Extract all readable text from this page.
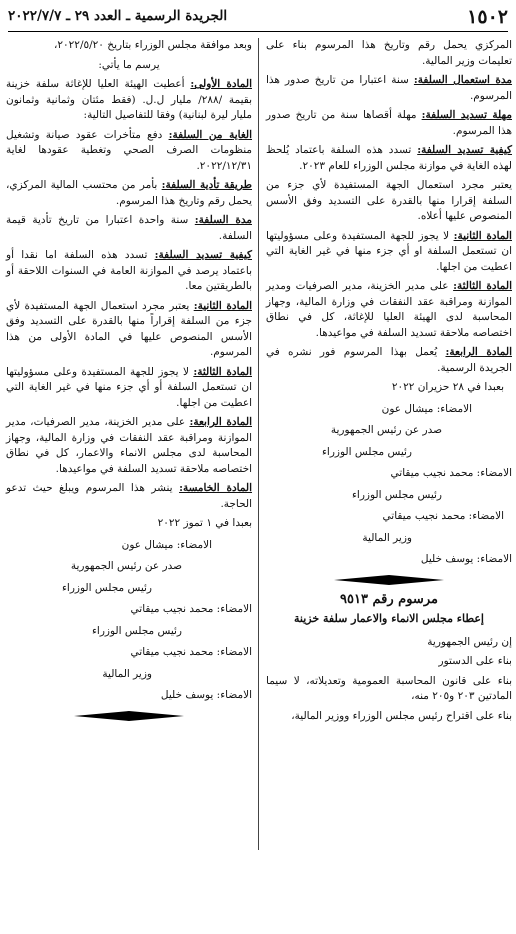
١٥٠٢
الجريدة الرسمية ـ العدد ٢٩ ـ ٢٠٢٢/٧/٧

المركزي يحمل رقم وتاريخ هذا المرسوم بناء على تعليمات وزير المالية.

مدة استعمال السلفة: سنة اعتبارا من تاريخ صدور هذا المرسوم.

مهلة تسديد السلفة: مهلة أقصاها سنة من تاريخ صدور هذا المرسوم.

كيفية تسديد السلفة: تسدد هذه السلفة باعتماد يُلحظ لهذه الغاية في موازنة مجلس الوزراء للعام ٢٠٢٣.

يعتبر مجرد استعمال الجهة المستفيدة لأي جزء من السلفة إقرارا منها بالقدرة على التسديد وفق الأسس المنصوص عليها أعلاه.

المادة الثانية: لا يجوز للجهة المستفيدة وعلى مسؤوليتها ان تستعمل السلفة او أي جزء منها في غير الغاية التي اعطيت من اجلها.

المادة الثالثة: على مدير الخزينة، مدير الصرفيات ومدير الموازنة ومراقبة عقد النفقات في وزارة المالية، وجهاز المحاسبة لدى الهيئة العليا للإغاثة، كل في نطاق اختصاصه ملاحقة تسديد السلفة في مواعيدها.

المادة الرابعة: يُعمل بهذا المرسوم فور نشره في الجريدة الرسمية.

بعبدا في ٢٨ حزيران ٢٠٢٢

الامضاء: ميشال عون

صدر عن رئيس الجمهورية

رئيس مجلس الوزراء

الامضاء: محمد نجيب ميقاتي

رئيس مجلس الوزراء

الامضاء: محمد نجيب ميقاتي

وزير المالية

الامضاء: يوسف خليل

مرسوم رقم ٩٥١٣
إعطاء مجلس الانماء والاعمار سلفة خزينة

إن رئيس الجمهورية

بناء على الدستور

بناء على قانون المحاسبة العمومية وتعديلاته، لا سيما المادتين ٢٠٣ و٢٠٥ منه،

بناء على اقتراح رئيس مجلس الوزراء ووزير المالية،

وبعد موافقة مجلس الوزراء بتاريخ ٢٠٢٢/٥/٢٠،

يرسم ما يأتي:

المادة الأولى: أعطيت الهيئة العليا للإغاثة سلفة خزينة بقيمة /٢٨٨/ مليار ل.ل. (فقط مئتان وثمانية وثمانون مليار ليرة لبنانية) وفقا للتفاصيل التالية:

الغاية من السلفة: دفع متأخرات عقود صيانة وتشغيل منظومات الصرف الصحي وتغطية عقودها لغاية ٢٠٢٢/١٢/٣١.

طريقة تأدية السلفة: بأمر من محتسب المالية المركزي، يحمل رقم وتاريخ هذا المرسوم.

مدة السلفة: سنة واحدة اعتبارا من تاريخ تأدية قيمة السلفة.

كيفية تسديد السلفة: تسدد هذه السلفة اما نقدا أو باعتماد يرصد في الموازنة العامة في السنوات اللاحقة أو بالطريقتين معا.

المادة الثانية: يعتبر مجرد استعمال الجهة المستفيدة لأي جزء من السلفة إقراراً منها بالقدرة على التسديد وفق الأسس المنصوص عليها في المادة الأولى من هذا المرسوم.

المادة الثالثة: لا يجوز للجهة المستفيدة وعلى مسؤوليتها ان تستعمل السلفة أو أي جزء منها في غير الغاية التي اعطيت من اجلها.

المادة الرابعة: على مدير الخزينة، مدير الصرفيات، مدير الموازنة ومراقبة عقد النفقات في وزارة المالية، وجهاز المحاسبة لدى مجلس الانماء والاعمار، كل في نطاق اختصاصه ملاحقة تسديد السلفة في مواعيدها.

المادة الخامسة: ينشر هذا المرسوم ويبلغ حيث تدعو الحاجة.

بعبدا في ١ تموز ٢٠٢٢

الامضاء: ميشال عون

صدر عن رئيس الجمهورية

رئيس مجلس الوزراء

الامضاء: محمد نجيب ميقاتي

رئيس مجلس الوزراء

الامضاء: محمد نجيب ميقاتي

وزير المالية

الامضاء: يوسف خليل
